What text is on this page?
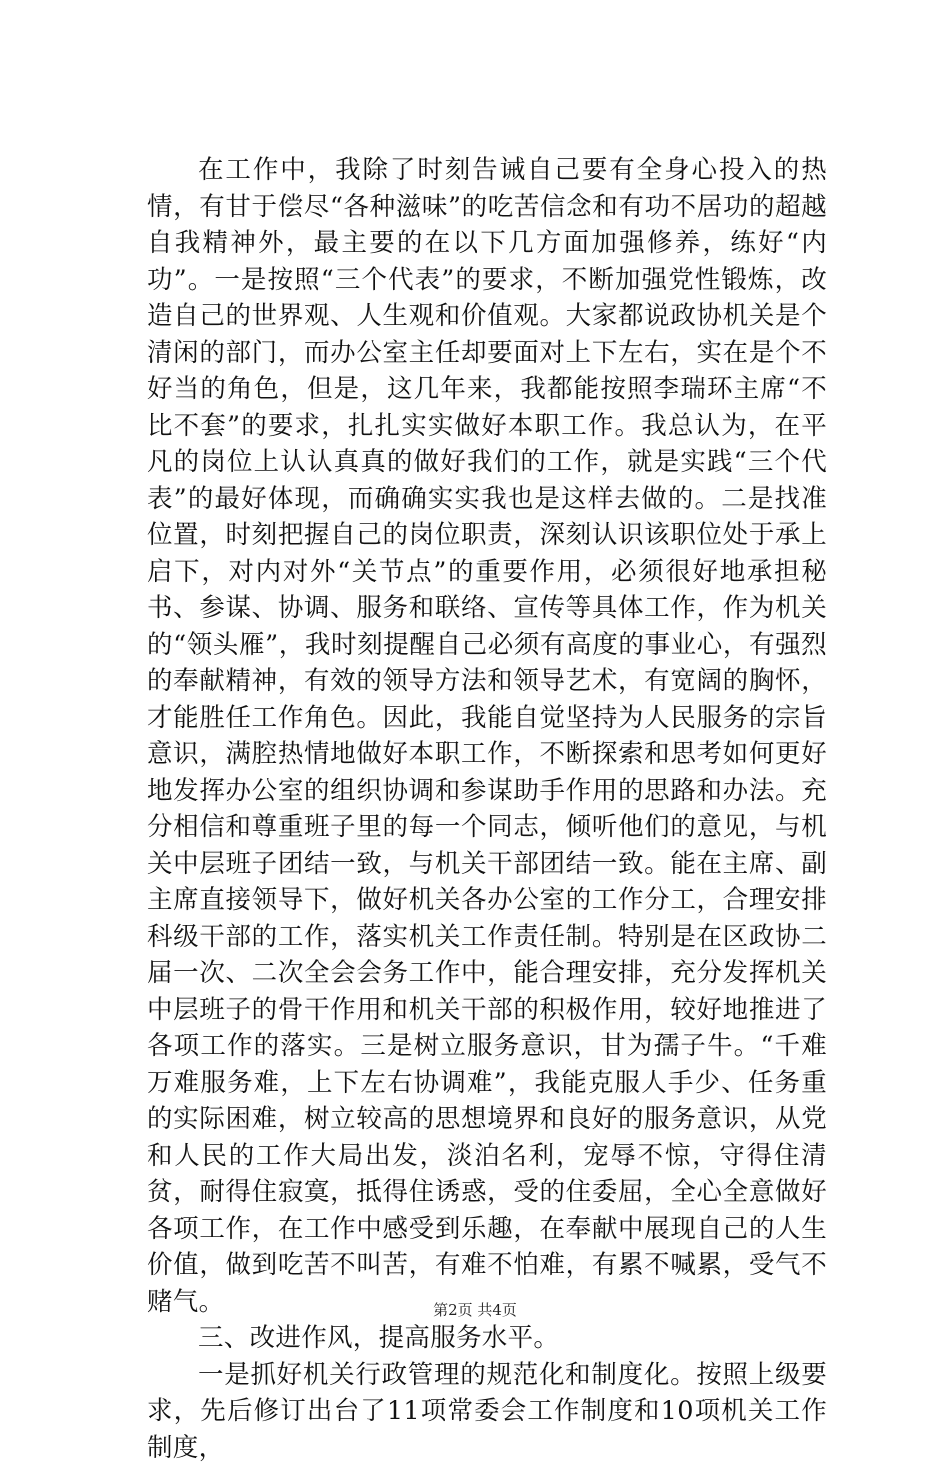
在工作中，我除了时刻告诫自己要有全身心投入的热情，有甘于偿尽“各种滋味”的吃苦信念和有功不居功的超越自我精神外，最主要的在以下几方面加强修养，练好“内功”。一是按照“三个代表”的要求，不断加强党性锻炼，改造自己的世界观、人生观和价值观。大家都说政协机关是个清闲的部门，而办公室主任却要面对上下左右，实在是个不好当的角色，但是，这几年来，我都能按照李瑞环主席“不比不套”的要求，扎扎实实做好本职工作。我总认为，在平凡的岗位上认认真真的做好我们的工作，就是实践“三个代表”的最好体现，而确确实实我也是这样去做的。二是找准位置，时刻把握自己的岗位职责，深刻认识该职位处于承上启下，对内对外“关节点”的重要作用，必须很好地承担秘书、参谋、协调、服务和联络、宣传等具体工作，作为机关的“领头雁”，我时刻提醒自己必须有高度的事业心，有强烈的奉献精神，有效的领导方法和领导艺术，有宽阔的胸怀，才能胜任工作角色。因此，我能自觉坚持为人民服务的宗旨意识，满腔热情地做好本职工作，不断探索和思考如何更好地发挥办公室的组织协调和参谋助手作用的思路和办法。充分相信和尊重班子里的每一个同志，倾听他们的意见，与机关中层班子团结一致，与机关干部团结一致。能在主席、副主席直接领导下，做好机关各办公室的工作分工，合理安排科级干部的工作，落实机关工作责任制。特别是在区政协二届一次、二次全会会务工作中，能合理安排，充分发挥机关中层班子的骨干作用和机关干部的积极作用，较好地推进了各项工作的落实。三是树立服务意识，甘为孺子牛。“千难万难服务难，上下左右协调难”，我能克服人手少、任务重的实际困难，树立较高的思想境界和良好的服务意识，从党和人民的工作大局出发，淡泊名利，宠辱不惊，守得住清贫，耐得住寂寞，抵得住诱惑，受的住委屈，全心全意做好各项工作，在工作中感受到乐趣，在奉献中展现自己的人生价值，做到吃苦不叫苦，有难不怕难，有累不喊累，受气不赌气。

三、改进作风，提高服务水平。

一是抓好机关行政管理的规范化和制度化。按照上级要求，先后修订出台了11项常委会工作制度和10项机关工作制度，

第2页 共4页
